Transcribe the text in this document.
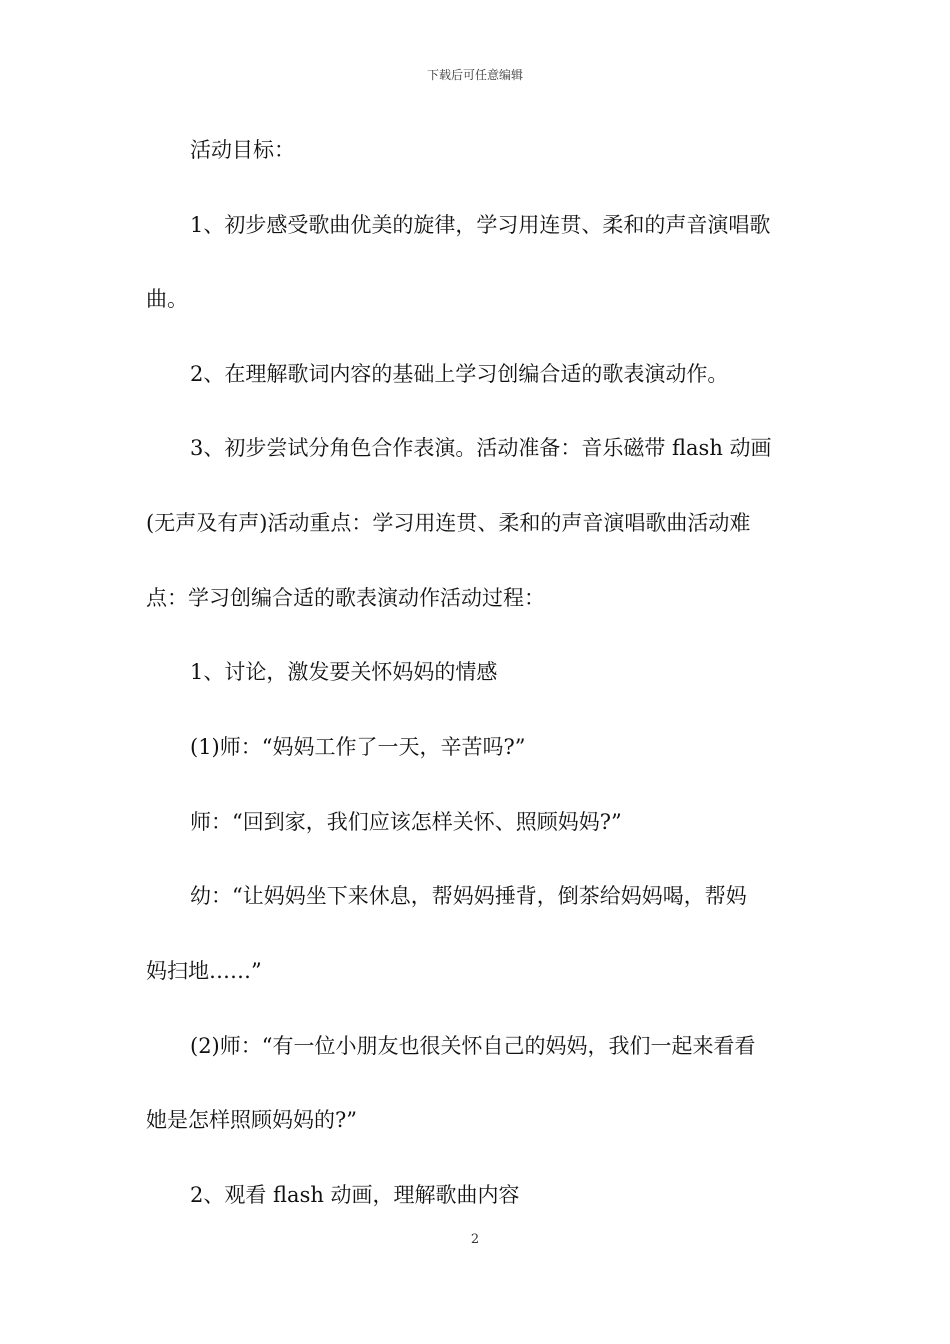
下载后可任意编辑
活动目标：
1、初步感受歌曲优美的旋律，学习用连贯、柔和的声音演唱歌
曲。
2、在理解歌词内容的基础上学习创编合适的歌表演动作。
3、初步尝试分角色合作表演。活动准备：音乐磁带 flash 动画
(无声及有声)活动重点：学习用连贯、柔和的声音演唱歌曲活动难
点：学习创编合适的歌表演动作活动过程：
1、讨论，激发要关怀妈妈的情感
(1)师：“妈妈工作了一天，辛苦吗?”
师：“回到家，我们应该怎样关怀、照顾妈妈?”
幼：“让妈妈坐下来休息，帮妈妈捶背，倒茶给妈妈喝，帮妈
妈扫地……”
(2)师：“有一位小朋友也很关怀自己的妈妈，我们一起来看看
她是怎样照顾妈妈的?”
2、观看 flash 动画，理解歌曲内容
2
